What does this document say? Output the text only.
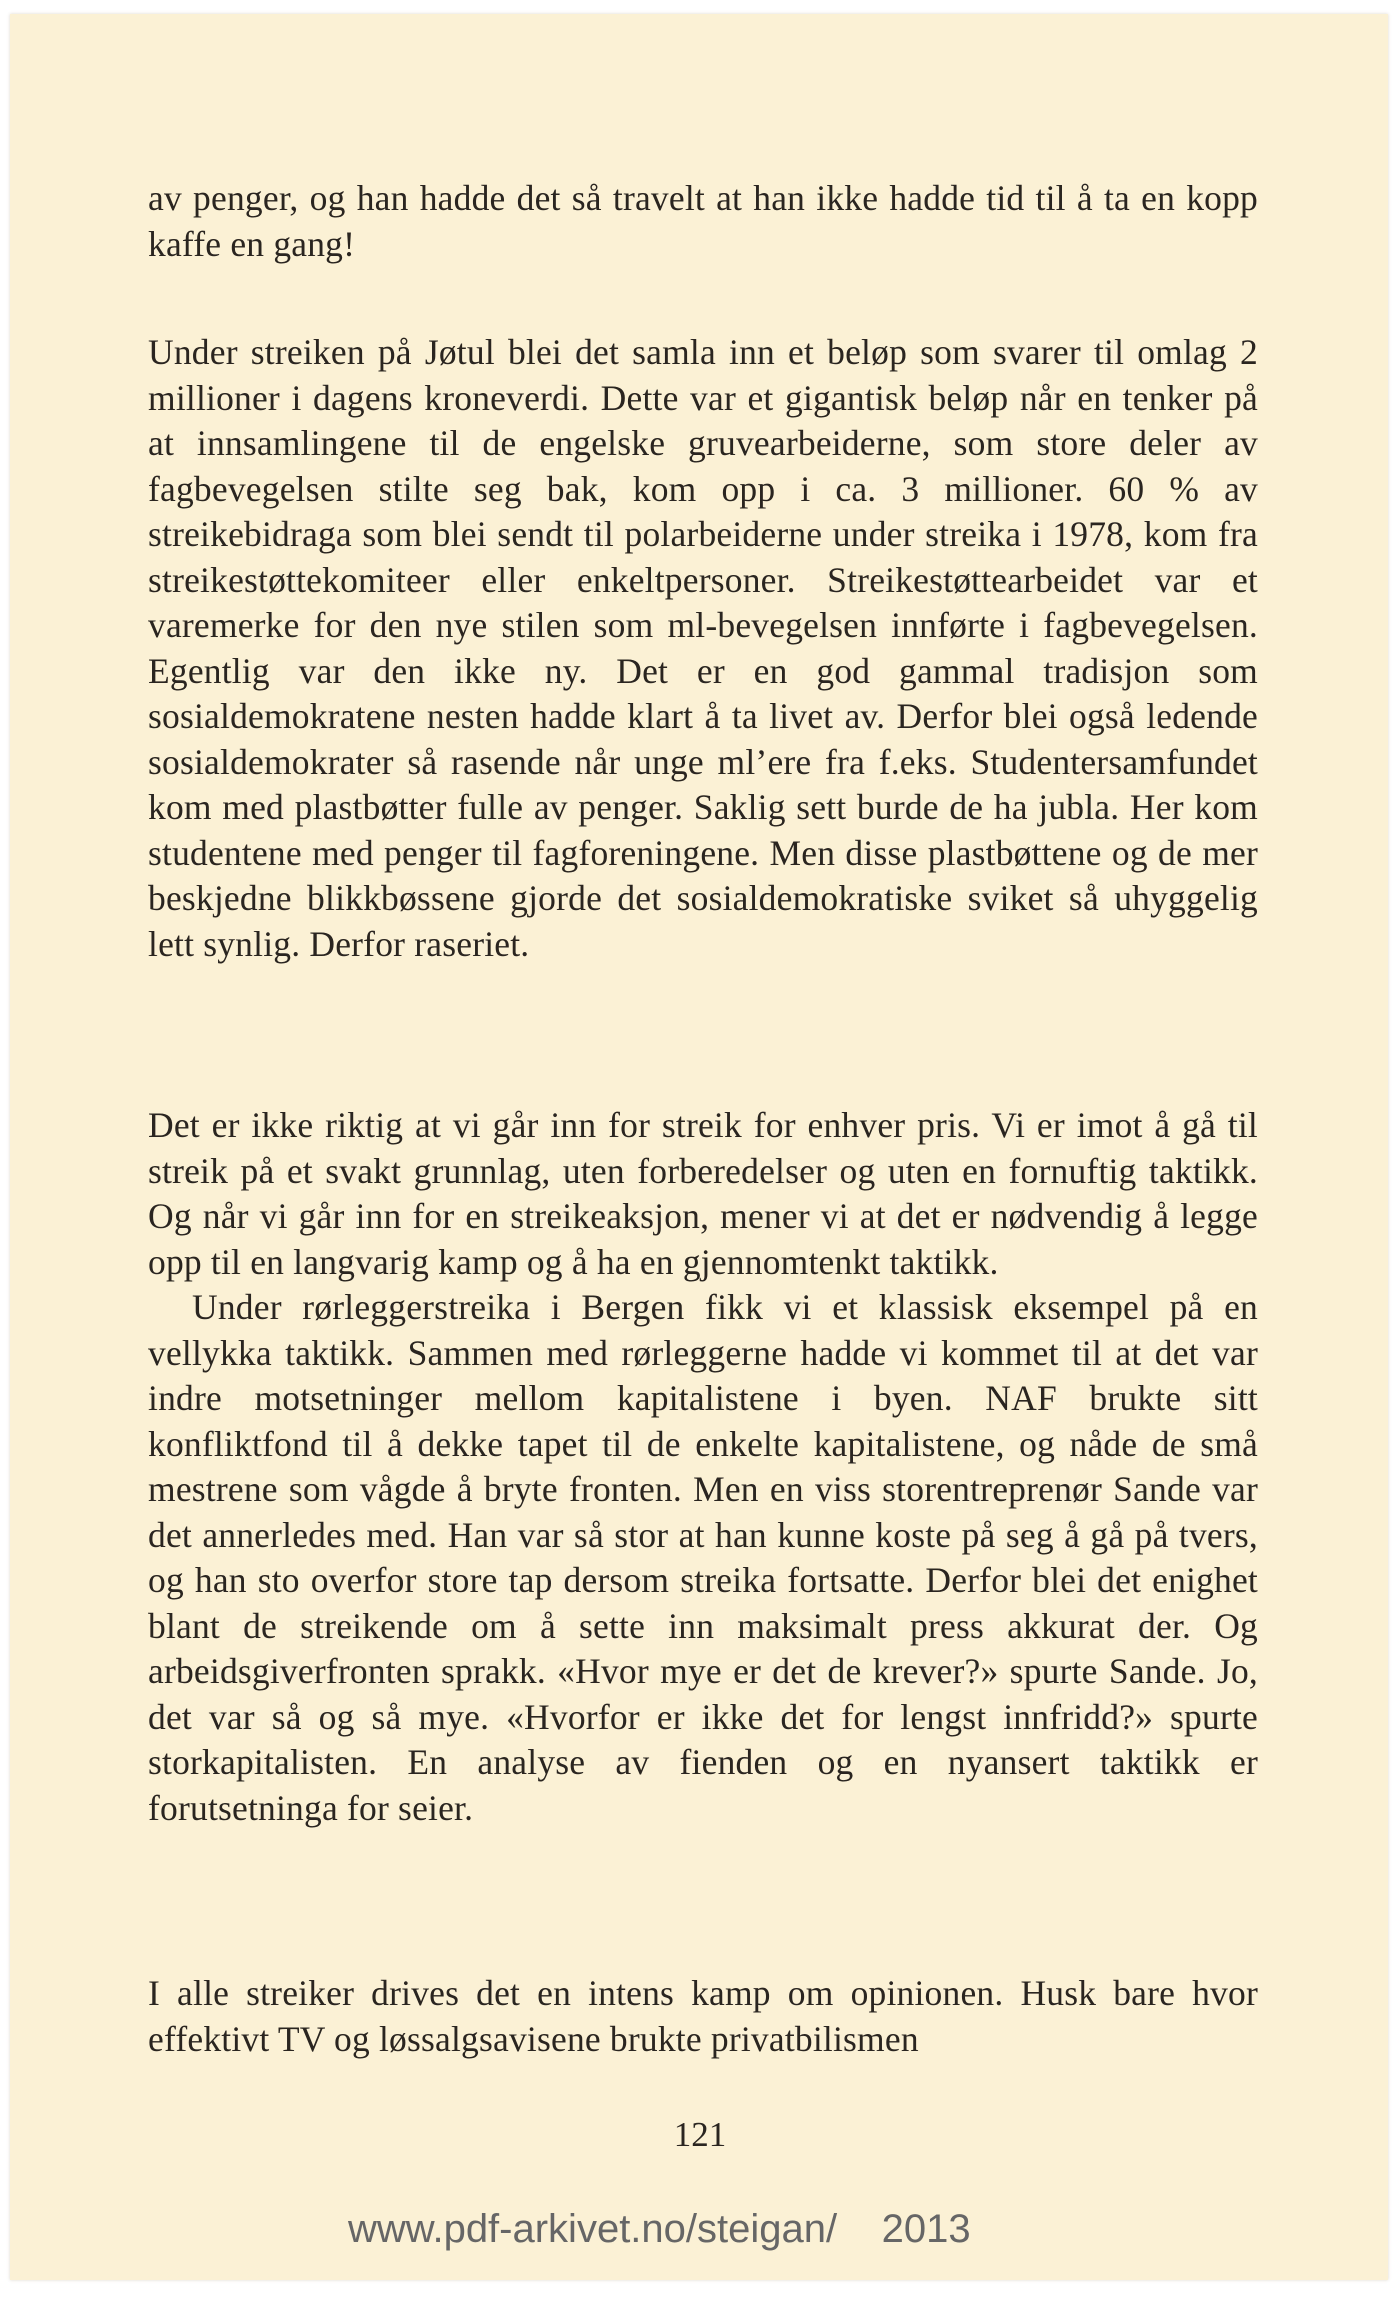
av penger, og han hadde det så travelt at han ikke hadde tid til å ta en kopp kaffe en gang!

Under streiken på Jøtul blei det samla inn et beløp som svarer til omlag 2 millioner i dagens kroneverdi. Dette var et gigantisk beløp når en tenker på at innsamlingene til de engelske gruvearbeiderne, som store deler av fagbevegelsen stilte seg bak, kom opp i ca. 3 millioner. 60 % av streikebidraga som blei sendt til polarbeiderne under streika i 1978, kom fra streikestøttekomiteer eller enkeltpersoner. Streikestøttearbeidet var et varemerke for den nye stilen som ml-bevegelsen innførte i fagbevegelsen. Egentlig var den ikke ny. Det er en god gammal tradisjon som sosialdemokratene nesten hadde klart å ta livet av. Derfor blei også ledende sosialdemokrater så rasende når unge ml’ere fra f.eks. Studentersamfundet kom med plastbøtter fulle av penger. Saklig sett burde de ha jubla. Her kom studentene med penger til fagforeningene. Men disse plastbøttene og de mer beskjedne blikkbøssene gjorde det sosialdemokratiske sviket så uhyggelig lett synlig. Derfor raseriet.

Det er ikke riktig at vi går inn for streik for enhver pris. Vi er imot å gå til streik på et svakt grunnlag, uten forberedelser og uten en fornuftig taktikk. Og når vi går inn for en streikeaksjon, mener vi at det er nødvendig å legge opp til en langvarig kamp og å ha en gjennomtenkt taktikk.

Under rørleggerstreika i Bergen fikk vi et klassisk eksempel på en vellykka taktikk. Sammen med rørleggerne hadde vi kommet til at det var indre motsetninger mellom kapitalistene i byen. NAF brukte sitt konfliktfond til å dekke tapet til de enkelte kapitalistene, og nåde de små mestrene som vågde å bryte fronten. Men en viss storentreprenør Sande var det annerledes med. Han var så stor at han kunne koste på seg å gå på tvers, og han sto overfor store tap dersom streika fortsatte. Derfor blei det enighet blant de streikende om å sette inn maksimalt press akkurat der. Og arbeidsgiverfronten sprakk. «Hvor mye er det de krever?» spurte Sande. Jo, det var så og så mye. «Hvorfor er ikke det for lengst innfridd?» spurte storkapitalisten. En analyse av fienden og en nyansert taktikk er forutsetninga for seier.

I alle streiker drives det en intens kamp om opinionen. Husk bare hvor effektivt TV og løssalgsavisene brukte privatbilismen

121
www.pdf-arkivet.no/steigan/ 2013
